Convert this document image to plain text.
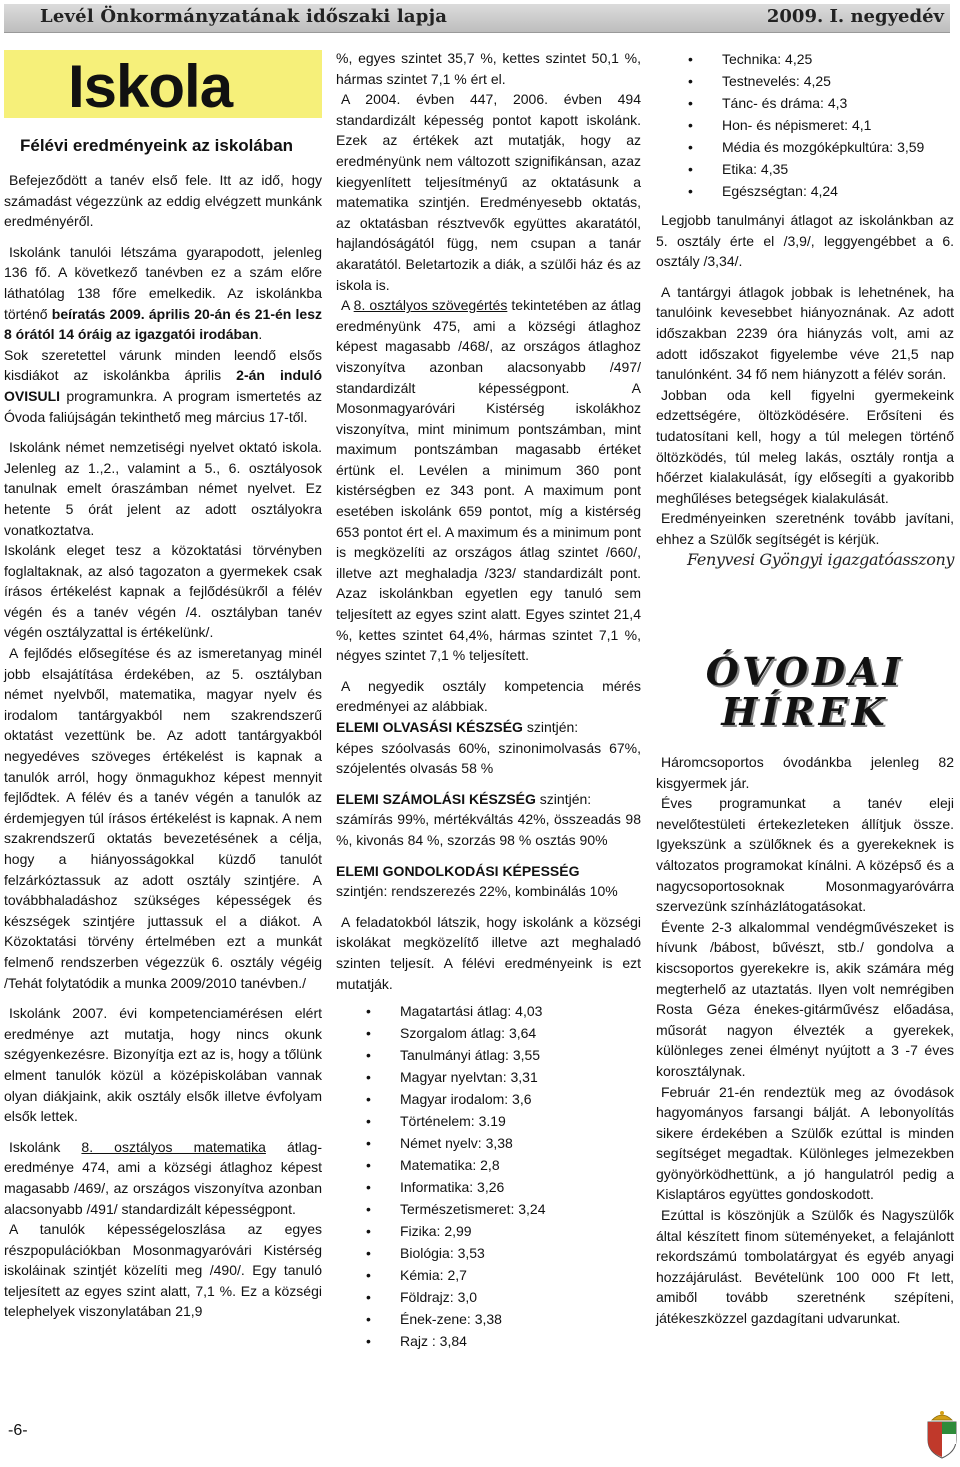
Levél Önkormányzatának időszaki lapja	2009. I. negyedév
Iskola
Félévi eredményeink az iskolában

Befejeződött a tanév első fele. Itt az idő, hogy számadást végezzünk az eddig elvégzett munkánk eredményéről.

Iskolánk tanulói létszáma gyarapodott, jelenleg 136 fő. A következő tanévben ez a szám előre láthatólag 138 főre emelkedik. Az iskolánkba történő beíratás 2009. április 20-án és 21-én lesz 8 órától 14 óráig az igazgatói irodában.

Sok szeretettel várunk minden leendő elsős kisdiákot az iskolánkba április 2-án induló OVISULI programunkra. A program ismertetés az Óvoda faliújságán tekinthető meg március 17-től.

Iskolánk német nemzetiségi nyelvet oktató iskola. Jelenleg az 1.,2., valamint a 5., 6. osztályosok tanulnak emelt óraszámban német nyelvet. Ez hetente 5 órát jelent az adott osztályokra vonatkoztatva.

Iskolánk eleget tesz a közoktatási törvényben foglaltaknak, az alsó tagozaton a gyermekek csak írásos értékelést kapnak a fejlődésükről a félév végén és a tanév végén /4. osztályban tanév végén osztályzattal is értékelünk/.

A fejlődés elősegítése és az ismeretanyag minél jobb elsajátítása érdekében, az 5. osztályban német nyelvből, matematika, magyar nyelv és irodalom tantárgyakból nem szakrendszerű oktatást vezettünk be. Az adott tantárgyakból negyedéves szöveges értékelést is kapnak a tanulók arról, hogy önmagukhoz képest mennyit fejlődtek. A félév és a tanév végén a tanulók az érdemjegyen túl írásos értékelést is kapnak. A nem szakrendszerű oktatás bevezetésének a célja, hogy a hiányosságokkal küzdő tanulót felzárkóztassuk az adott osztály szintjére. A továbbhaladáshoz szükséges képességek és készségek szintjére juttassuk el a diákot. A Közoktatási törvény értelmében ezt a munkát felmenő rendszerben végezzük 6. osztály végéig /Tehát folytatódik a munka 2009/2010 tanévben./

Iskolánk 2007. évi kompetenciamérésen elért eredménye azt mutatja, hogy nincs okunk szégyenkezésre. Bizonyítja ezt az is, hogy a tőlünk elment tanulók közül a középiskolában vannak olyan diákjaink, akik osztály elsők illetve évfolyam elsők lettek.

Iskolánk 8. osztályos matematika átlag-eredménye 474, ami a községi átlaghoz képest magasabb /469/, az országos viszonyítva azonban alacsonyabb /491/ standardizált képességpont.

A tanulók képességeloszlása az egyes részpopulációkban Mosonmagyaróvári Kistérség iskoláinak szintjét közelíti meg /490/. Egy tanuló teljesített az egyes szint alatt, 7,1 %. Ez a községi telephelyek viszonylatában 21,9

%, egyes szintet 35,7 %, kettes szintet 50,1 %, hármas szintet 7,1 % ért el.

A 2004. évben 447, 2006. évben 494 standardizált képesség pontot kapott iskolánk. Ezek az értékek azt mutatják, hogy az eredményünk nem változott szignifikánsan, azaz kiegyenlített teljesítményű az oktatásunk a matematika szintjén. Eredményesebb oktatás, az oktatásban résztvevők együttes akaratától, hajlandóságától függ, nem csupan a tanár akaratától. Beletartozik a diák, a szülői ház és az iskola is.

A 8. osztályos szövegértés tekintetében az átlag eredményünk 475, ami a községi átlaghoz képest magasabb /468/, az országos átlaghoz viszonyítva azonban alacsonyabb /497/ standardizált képességpont. A Mosonmagyaróvári Kistérség iskolákhoz viszonyítva, mint minimum pontszámban, mint maximum pontszámban magasabb értéket értünk el. Levélen a minimum 360 pont kistérségben ez 343 pont. A maximum pont esetében iskolánk 659 pontot, míg a kistérség 653 pontot ért el. A maximum és a minimum pont is megközelíti az országos átlag szintet /660/, illetve azt meghaladja /323/ standardizált pont. Azaz iskolánkban egyetlen egy tanuló sem teljesített az egyes szint alatt. Egyes szintet 21,4 %, kettes szintet 64,4%, hármas szintet 7,1 %, négyes szintet 7,1 % teljesített.

A negyedik osztály kompetencia mérés eredményei az alábbiak.

ELEMI OLVASÁSI KÉSZSÉG szintjén:

képes szóolvasás 60%, szinonimolvasás 67%, szójelentés olvasás 58 %

ELEMI SZÁMOLÁSI KÉSZSÉG szintjén:

számírás 99%, mértékváltás 42%, összeadás 98 %, kivonás 84 %, szorzás 98 % osztás 90%

ELEMI GONDOLKODÁSI KÉPESSÉG

szintjén: rendszerezés 22%, kombinálás 10%

A feladatokból látszik, hogy iskolánk a községi iskolákat megközelítő illetve azt meghaladó szinten teljesít. A félévi eredményeink is ezt mutatják.

• Magatartási átlag: 4,03
• Szorgalom átlag: 3,64
• Tanulmányi átlag: 3,55
• Magyar nyelvtan: 3,31
• Magyar irodalom: 3,6
• Történelem: 3.19
• Német nyelv: 3,38
• Matematika: 2,8
• Informatika: 3,26
• Természetismeret: 3,24
• Fizika: 2,99
• Biológia: 3,53
• Kémia: 2,7
• Földrajz: 3,0
• Ének-zene: 3,38
• Rajz : 3,84
• Technika: 4,25
• Testnevelés: 4,25
• Tánc- és dráma: 4,3
• Hon- és népismeret: 4,1
• Média és mozgóképkultúra: 3,59
• Etika: 4,35
• Egészségtan: 4,24

Legjobb tanulmányi átlagot az iskolánkban az 5. osztály érte el /3,9/, leggyengébbet a 6. osztály /3,34/.

A tantárgyi átlagok jobbak is lehetnének, ha tanulóink kevesebbet hiányoznának. Az adott időszakban 2239 óra hiányzás volt, ami az adott időszakot figyelembe véve 21,5 nap tanulónként. 34 fő nem hiányzott a félév során.

Jobban oda kell figyelni gyermekeink edzettségére, öltözködésére. Erősíteni és tudatosítani kell, hogy a túl melegen történő öltözködés, túl meleg lakás, osztály rontja a hőérzet kialakulását, így elősegíti a gyakoribb meghűléses betegségek kialakulását.

Eredményeinken szeretnénk tovább javítani, ehhez a Szülők segítségét is kérjük.

Fenyvesi Gyöngyi igazgatóasszony

ÓVODAI
HÍREK

Háromcsoportos óvodánkba jelenleg 82 kisgyermek jár.

Éves programunkat a tanév eleji nevelőtestületi értekezleteken állítjuk össze. Igyekszünk a szülőknek és a gyerekeknek is változatos programokat kínálni. A középső és a nagycsoportosoknak Mosonmagyaróvárra szervezünk színházlátogatásokat.

Évente 2-3 alkalommal vendégművészeket is hívunk /bábost, bűvészt, stb./ gondolva a kiscsoportos gyerekekre is, akik számára még megterhelő az utaztatás. Ilyen volt nemrégiben Rosta Géza énekes-gitárművész előadása, műsorát nagyon élvezték a gyerekek, különleges zenei élményt nyújtott a 3 -7 éves korosztálynak.

Február 21-én rendeztük meg az óvodások hagyományos farsangi bálját. A lebonyolítás sikere érdekében a Szülők ezúttal is minden segítséget megadtak. Különleges jelmezekben gyönyörködhettünk, a jó hangulatról pedig a Kislaptáros együttes gondoskodott.

Ezúttal is köszönjük a Szülők és Nagyszülők által készített finom süteményeket, a felajánlott rekordszámú tombolatárgyat és egyéb anyagi hozzájárulást. Bevételünk 100 000 Ft lett, amiből tovább szeretnénk szépíteni, játékeszközzel gazdagítani udvarunkat.

-6-
